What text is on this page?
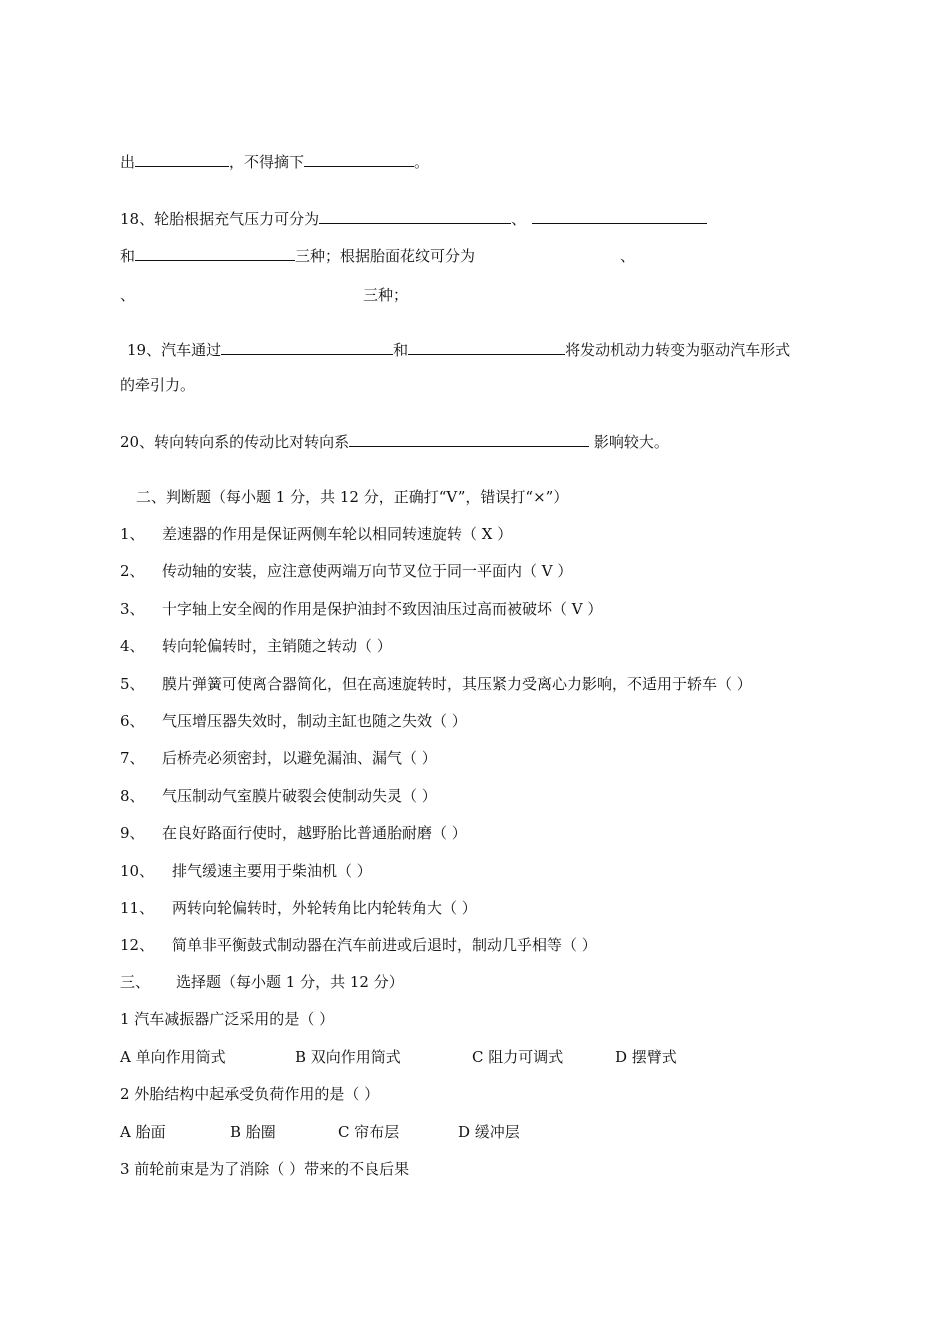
出	，不得摘下	。
18、轮胎根据充气压力可分为	、
和	三种；根据胎面花纹可分为	、
、	三种；
19、汽车通过	和	将发动机动力转变为驱动汽车形式
的牵引力。
20、转向转向系的传动比对转向系	影响较大。
二、判断题（每小题 1 分，共 12 分，正确打“V”，错误打“×”）
1、 差速器的作用是保证两侧车轮以相同转速旋转（ X ）
2、 传动轴的安装，应注意使两端万向节叉位于同一平面内（ V ）
3、 十字轴上安全阀的作用是保护油封不致因油压过高而被破坏（ V ）
4、 转向轮偏转时，主销随之转动（ ）
5、 膜片弹簧可使离合器简化，但在高速旋转时，其压紧力受离心力影响，不适用于轿车（ ）
6、 气压增压器失效时，制动主缸也随之失效（ ）
7、 后桥壳必须密封，以避免漏油、漏气（ ）
8、 气压制动气室膜片破裂会使制动失灵（ ）
9、 在良好路面行使时，越野胎比普通胎耐磨（ ）
10、 排气缓速主要用于柴油机（ ）
11、 两转向轮偏转时，外轮转角比内轮转角大（ ）
12、 简单非平衡鼓式制动器在汽车前进或后退时，制动几乎相等（ ）
三、 选择题（每小题 1 分，共 12 分）
1 汽车减振器广泛采用的是（ ）
A 单向作用筒式	B 双向作用筒式	C 阻力可调式	D 摆臂式
2 外胎结构中起承受负荷作用的是（ ）
A 胎面	B 胎圈	C 帘布层	D 缓冲层
3 前轮前束是为了消除（ ）带来的不良后果
